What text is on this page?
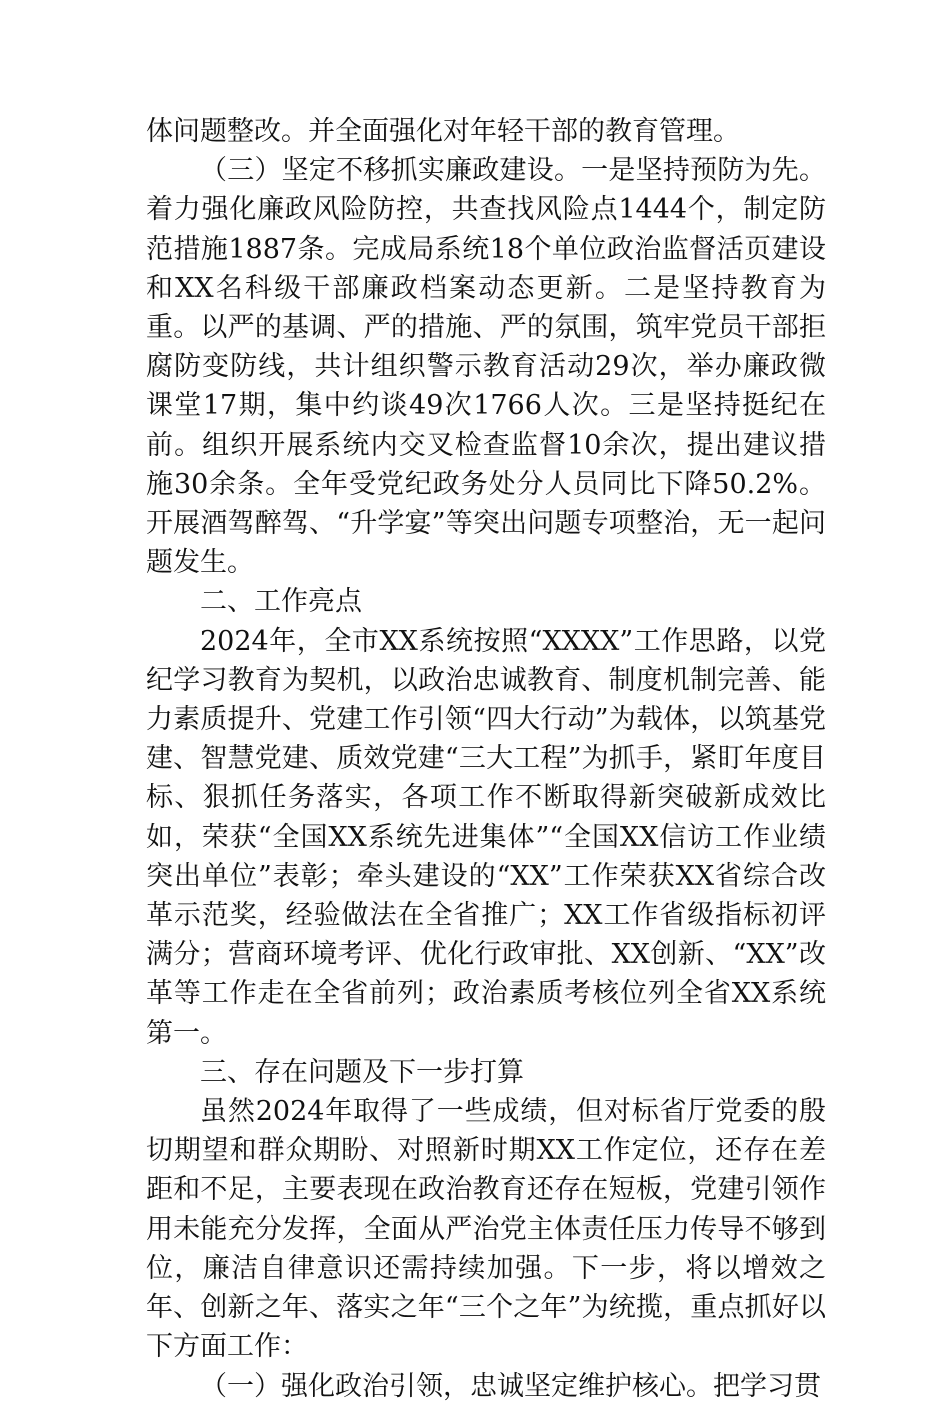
体问题整改。并全面强化对年轻干部的教育管理。

（三）坚定不移抓实廉政建设。一是坚持预防为先。着力强化廉政风险防控，共查找风险点1444个，制定防范措施1887条。完成局系统18个单位政治监督活页建设和XX名科级干部廉政档案动态更新。二是坚持教育为重。以严的基调、严的措施、严的氛围，筑牢党员干部拒腐防变防线，共计组织警示教育活动29次，举办廉政微课堂17期，集中约谈49次1766人次。三是坚持挺纪在前。组织开展系统内交叉检查监督10余次，提出建议措施30余条。全年受党纪政务处分人员同比下降50.2%。开展酒驾醉驾、“升学宴”等突出问题专项整治，无一起问题发生。

二、工作亮点

2024年，全市XX系统按照“XXXX”工作思路，以党纪学习教育为契机，以政治忠诚教育、制度机制完善、能力素质提升、党建工作引领“四大行动”为载体，以筑基党建、智慧党建、质效党建“三大工程”为抓手，紧盯年度目标、狠抓任务落实，各项工作不断取得新突破新成效比如，荣获“全国XX系统先进集体”“全国XX信访工作业绩突出单位”表彰；牵头建设的“XX”工作荣获XX省综合改革示范奖，经验做法在全省推广；XX工作省级指标初评满分；营商环境考评、优化行政审批、XX创新、“XX”改革等工作走在全省前列；政治素质考核位列全省XX系统第一。

三、存在问题及下一步打算

虽然2024年取得了一些成绩，但对标省厅党委的殷切期望和群众期盼、对照新时期XX工作定位，还存在差距和不足，主要表现在政治教育还存在短板，党建引领作用未能充分发挥，全面从严治党主体责任压力传导不够到位，廉洁自律意识还需持续加强。下一步，将以增效之年、创新之年、落实之年“三个之年”为统揽，重点抓好以下方面工作：

（一）强化政治引领，忠诚坚定维护核心。把学习贯
